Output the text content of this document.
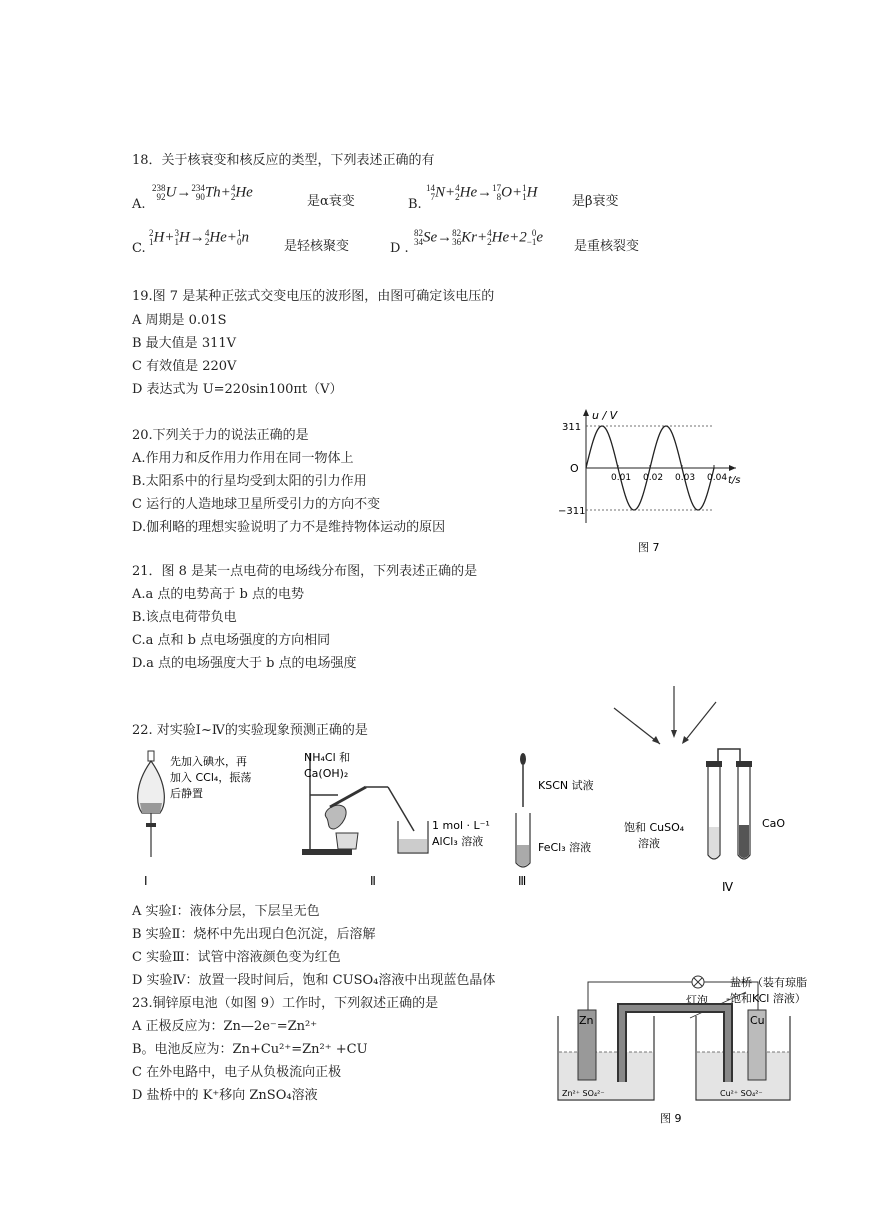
18．关于核衰变和核反应的类型，下列表述正确的有
A.
238
92U→234
90Th+4
2He
是α衰变	B.
14
7N+4
2He→17
8O+1
1H
是β衰变
C.
2
1H+3
1H→4
2He+1
0n
是轻核聚变	D .
82
34Se→82
36Kr+4
2He+2 0
−1e
是重核裂变
19.图 7 是某种正弦式交变电压的波形图，由图可确定该电压的
A 周期是 0.01S
B 最大值是 311V
C 有效值是 220V
D 表达式为 U=220sin100πt（V）
0.01 0.02 0.03 0.04
311
−311
O
u / V
t/s
图 7
20.下列关于力的说法正确的是
A.作用力和反作用力作用在同一物体上
B.太阳系中的行星均受到太阳的引力作用
C 运行的人造地球卫星所受引力的方向不变
D.伽利略的理想实验说明了力不是维持物体运动的原因
21．图 8 是某一点电荷的电场线分布图，下列表述正确的是
A.a 点的电势高于 b 点的电势
B.该点电荷带负电
C.a 点和 b 点电场强度的方向相同
D.a 点的电场强度大于 b 点的电场强度
22. 对实验Ⅰ~Ⅳ的实验现象预测正确的是
先加入碘水，再
加入 CCl₄，振荡
后静置
Ⅰ
NH₄Cl 和
Ca(OH)₂
1 mol · L⁻¹
AlCl₃ 溶液
Ⅱ
KSCN 试液
FeCl₃ 溶液
Ⅲ
饱和 CuSO₄
溶液
CaO
Ⅳ
A 实验Ⅰ：液体分层，下层呈无色
B 实验Ⅱ：烧杯中先出现白色沉淀，后溶解
C 实验Ⅲ：试管中溶液颜色变为红色
D 实验Ⅳ：放置一段时间后，饱和 CUSO₄溶液中出现蓝色晶体
23.铜锌原电池（如图 9）工作时，下列叙述正确的是
A 正极反应为：Zn—2e⁻=Zn²⁺
B。电池反应为：Zn+Cu²⁺=Zn²⁺ +CU
C 在外电路中，电子从负极流向正极
D 盐桥中的 K⁺移向 ZnSO₄溶液
灯泡
盐桥（装有琼脂
-饱和KCl 溶液）
Zn	Cu
Zn²⁺ SO₄²⁻	Cu²⁺ SO₄²⁻
图 9
